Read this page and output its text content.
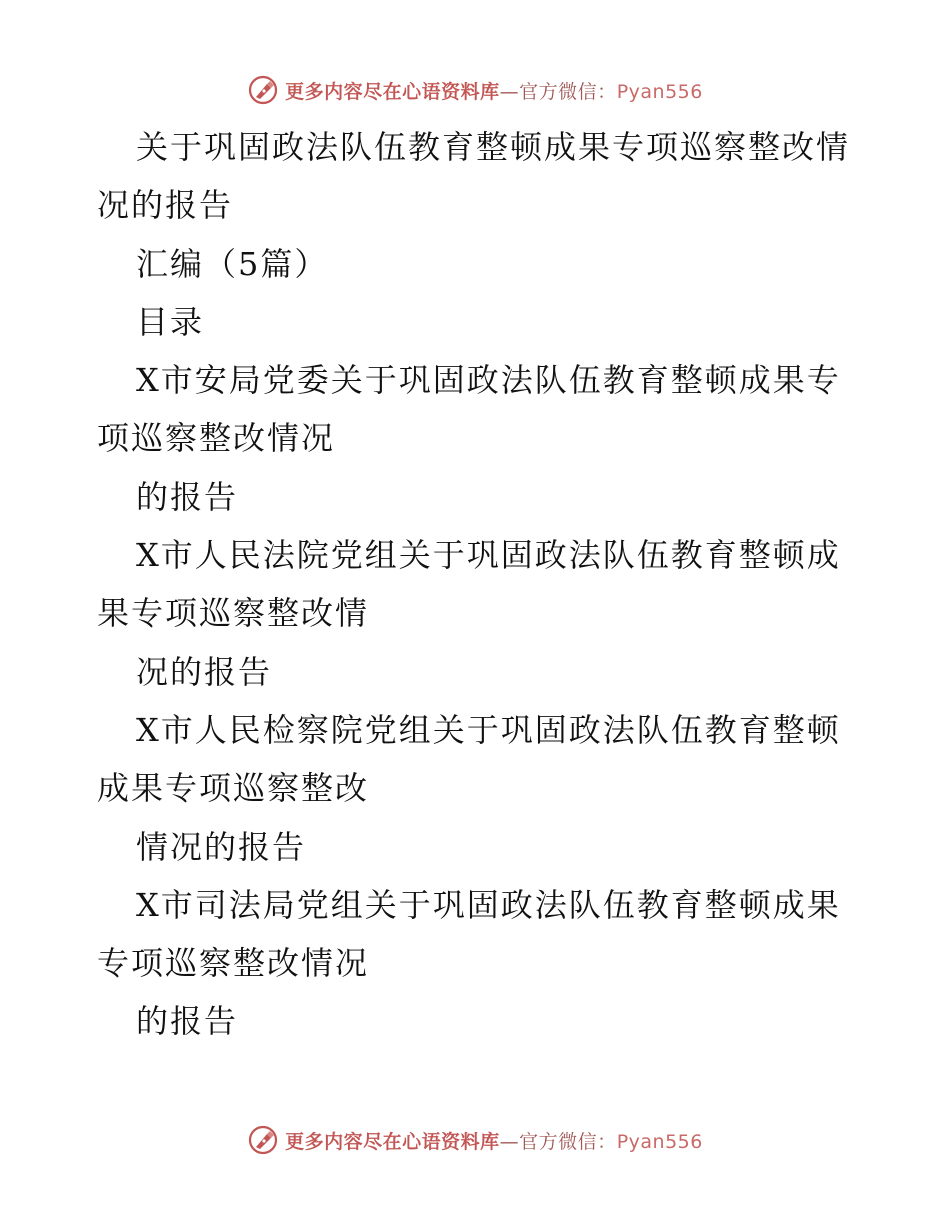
更多内容尽在心语资料库—官方微信：Pyan556
关于巩固政法队伍教育整顿成果专项巡察整改情
况的报告
汇编（5篇）
目录
X市安局党委关于巩固政法队伍教育整顿成果专
项巡察整改情况
的报告
X市人民法院党组关于巩固政法队伍教育整顿成
果专项巡察整改情
况的报告
X市人民检察院党组关于巩固政法队伍教育整顿
成果专项巡察整改
情况的报告
X市司法局党组关于巩固政法队伍教育整顿成果
专项巡察整改情况
的报告
更多内容尽在心语资料库—官方微信：Pyan556
